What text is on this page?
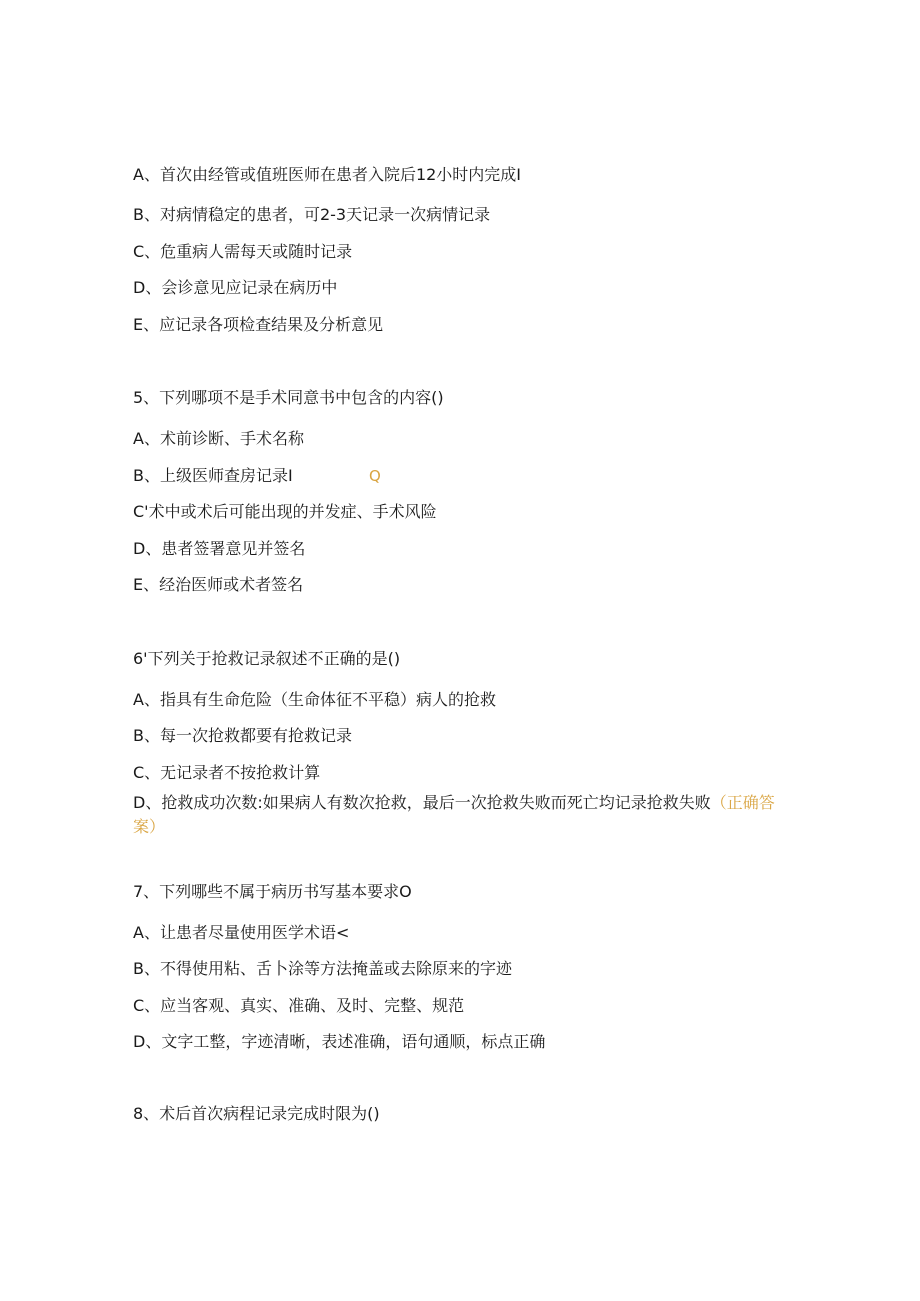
A、首次由经管或值班医师在患者入院后12小时内完成I
B、对病情稳定的患者，可2-3天记录一次病情记录
C、危重病人需每天或随时记录
D、会诊意见应记录在病历中
E、应记录各项检查结果及分析意见
5、下列哪项不是手术同意书中包含的内容()
A、术前诊断、手术名称
B、上级医师查房记录I	Q
C'术中或术后可能出现的并发症、手术风险
D、患者签署意见并签名
E、经治医师或术者签名
6'下列关于抢救记录叙述不正确的是()
A、指具有生命危险（生命体征不平稳）病人的抢救
B、每一次抢救都要有抢救记录
C、无记录者不按抢救计算
D、抢救成功次数:如果病人有数次抢救，最后一次抢救失败而死亡均记录抢救失败（正确答案）
7、下列哪些不属于病历书写基本要求O
A、让患者尽量使用医学术语<
B、不得使用粘、舌卜涂等方法掩盖或去除原来的字迹
C、应当客观、真实、准确、及时、完整、规范
D、文字工整，字迹清晰，表述准确，语句通顺，标点正确
8、术后首次病程记录完成时限为()
